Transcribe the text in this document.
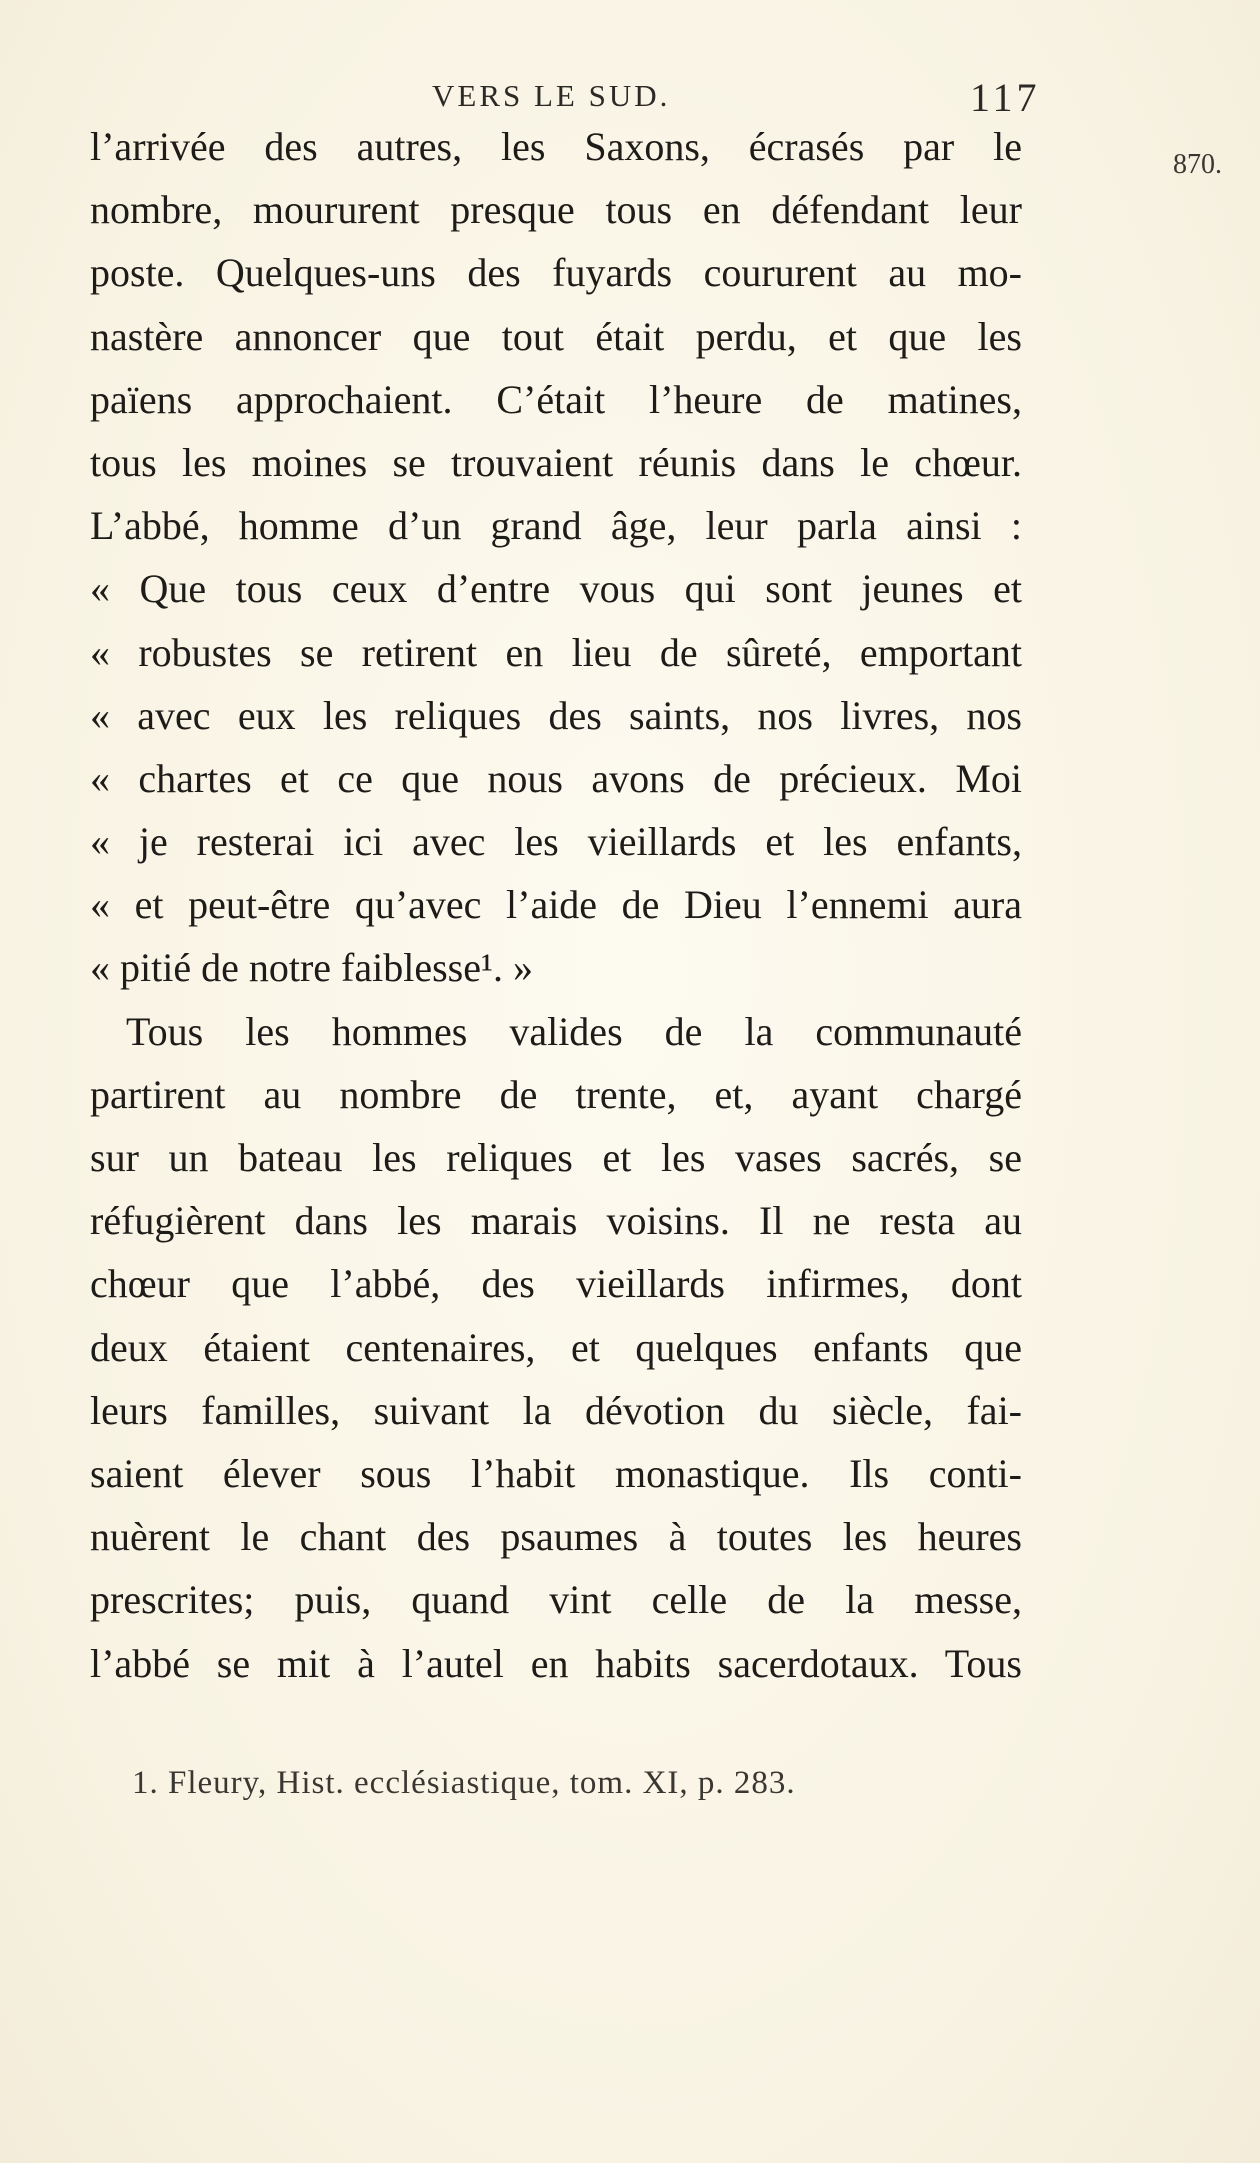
VERS LE SUD.	117
870.
l’arrivée des autres, les Saxons, écrasés par le
nombre, moururent presque tous en défendant leur
poste. Quelques-uns des fuyards coururent au mo-
nastère annoncer que tout était perdu, et que les
païens approchaient. C’était l’heure de matines,
tous les moines se trouvaient réunis dans le chœur.
L’abbé, homme d’un grand âge, leur parla ainsi :
« Que tous ceux d’entre vous qui sont jeunes et
« robustes se retirent en lieu de sûreté, emportant
« avec eux les reliques des saints, nos livres, nos
« chartes et ce que nous avons de précieux. Moi
« je resterai ici avec les vieillards et les enfants,
« et peut-être qu’avec l’aide de Dieu l’ennemi aura
« pitié de notre faiblesse¹. »
Tous les hommes valides de la communauté
partirent au nombre de trente, et, ayant chargé
sur un bateau les reliques et les vases sacrés, se
réfugièrent dans les marais voisins. Il ne resta au
chœur que l’abbé, des vieillards infirmes, dont
deux étaient centenaires, et quelques enfants que
leurs familles, suivant la dévotion du siècle, fai-
saient élever sous l’habit monastique. Ils conti-
nuèrent le chant des psaumes à toutes les heures
prescrites; puis, quand vint celle de la messe,
l’abbé se mit à l’autel en habits sacerdotaux. Tous
1. Fleury, Hist. ecclésiastique, tom. XI, p. 283.
